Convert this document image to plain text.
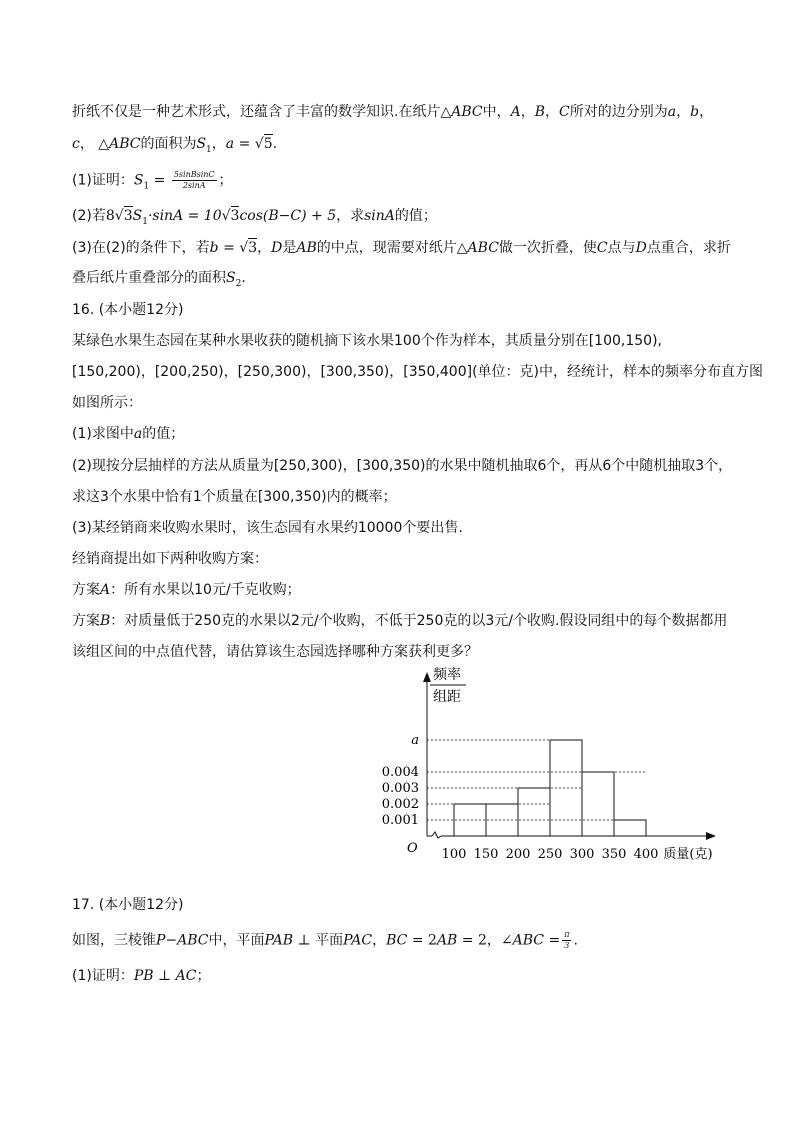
折纸不仅是一种艺术形式，还蕴含了丰富的数学知识.在纸片△ABC中，A，B，C所对的边分别为a，b，
c， △ABC的面积为$S_1$，a = √5.
(1)证明：$S_1 = \frac{\text{5sinBsinC}}{2\sin A}$ ；
(2)若$8√3S_1\cdot\sin A = 10√3\cos(B-C) + 5$，求sinA的值；
(3)在(2)的条件下，若b = √3，D是AB的中点，现需要对纸片△ABC做一次折叠，使C点与D点重合，求折
叠后纸片重叠部分的面积$S_2$.
16. (本小题12分)
某绿色水果生态园在某种水果收获的随机摘下该水果100个作为样本，其质量分别在[100,150),
[150,200)，[200,250)，[250,300)，[300,350)，[350,400](单位：克)中，经统计，样本的频率分布直方图
如图所示：
(1)求图中a的值；
(2)现按分层抽样的方法从质量为[250,300)，[300,350)的水果中随机抽取6个，再从6个中随机抽取3个，
求这3个水果中恰有1个质量在[300,350)内的概率；
(3)某经销商来收购水果时，该生态园有水果约10000个要出售.
经销商提出如下两种收购方案：
方案A：所有水果以10元/千克收购；
方案B：对质量低于250克的水果以2元/个收购，不低于250克的以3元/个收购.假设同组中的每个数据都用
该组区间的中点值代替，请估算该生态园选择哪种方案获利更多？
频率
组距
O
0.001
0.002
0.003
0.004
a
100 150 200 250 300 350 400 质量(克)
17. (本小题12分)
如图，三棱锥P−ABC中，平面PAB ⊥ 平面PAC，BC = 2AB = 2，∠ABC = $\frac{\pi}{3}$ .
(1)证明：PB ⊥ AC；
